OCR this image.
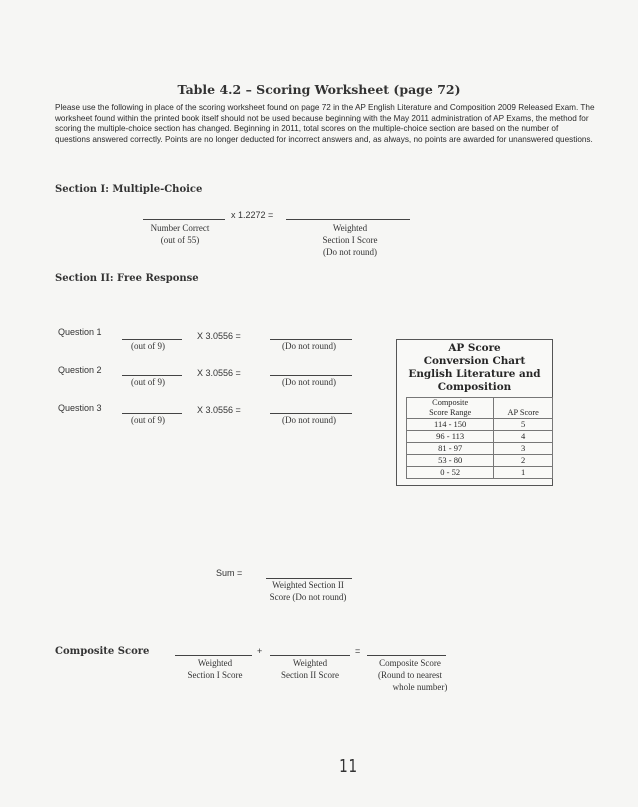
Table 4.2 – Scoring Worksheet (page 72)
Please use the following in place of the scoring worksheet found on page 72 in the AP English Literature and Composition 2009 Released Exam. The worksheet found within the printed book itself should not be used because beginning with the May 2011 administration of AP Exams, the method for scoring the multiple-choice section has changed. Beginning in 2011, total scores on the multiple-choice section are based on the number of questions answered correctly. Points are no longer deducted for incorrect answers and, as always, no points are awarded for unanswered questions.
Section I: Multiple-Choice
x 1.2272 =
Number Correct
(out of 55)
Weighted
Section I Score
(Do not round)
Section II: Free Response
Question 1
(out of 9)
X 3.0556 =
(Do not round)
Question 2
(out of 9)
X 3.0556 =
(Do not round)
Question 3
(out of 9)
X 3.0556 =
(Do not round)
AP Score
Conversion Chart
English Literature and
Composition
Composite
Score Range	AP Score
114 - 150	5
96 - 113	4
81 - 97	3
53 - 80	2
0 - 52	1
Sum =
Weighted Section II
Score (Do not round)
Composite Score	+	=
Weighted
Section I Score
Weighted
Section II Score
Composite Score
(Round to nearest
whole number)
11
